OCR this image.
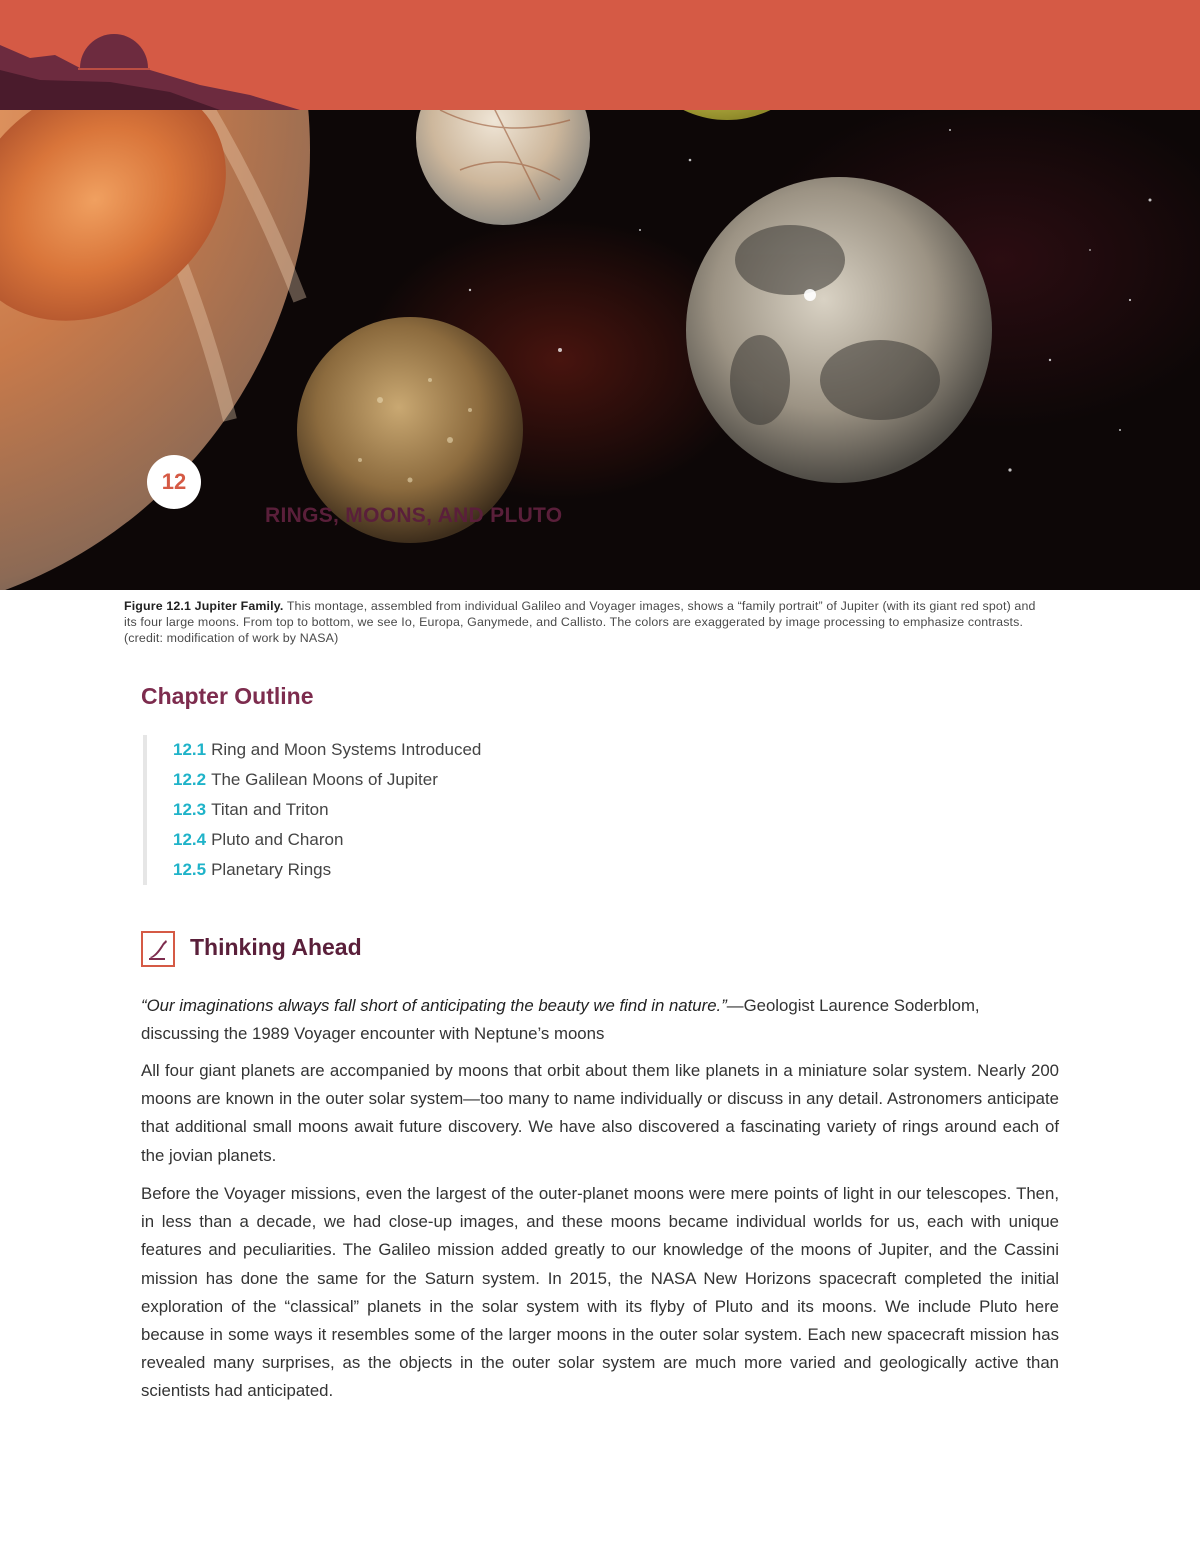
12
RINGS, MOONS, AND PLUTO
Figure 12.1 Jupiter Family. This montage, assembled from individual Galileo and Voyager images, shows a “family portrait” of Jupiter (with its giant red spot) and its four large moons. From top to bottom, we see Io, Europa, Ganymede, and Callisto. The colors are exaggerated by image processing to emphasize contrasts. (credit: modification of work by NASA)
Chapter Outline
12.1 Ring and Moon Systems Introduced
12.2 The Galilean Moons of Jupiter
12.3 Titan and Triton
12.4 Pluto and Charon
12.5 Planetary Rings
Thinking Ahead

“Our imaginations always fall short of anticipating the beauty we find in nature.”—Geologist Laurence Soderblom, discussing the 1989 Voyager encounter with Neptune’s moons

All four giant planets are accompanied by moons that orbit about them like planets in a miniature solar system. Nearly 200 moons are known in the outer solar system—too many to name individually or discuss in any detail. Astronomers anticipate that additional small moons await future discovery. We have also discovered a fascinating variety of rings around each of the jovian planets.

Before the Voyager missions, even the largest of the outer-planet moons were mere points of light in our telescopes. Then, in less than a decade, we had close-up images, and these moons became individual worlds for us, each with unique features and peculiarities. The Galileo mission added greatly to our knowledge of the moons of Jupiter, and the Cassini mission has done the same for the Saturn system. In 2015, the NASA New Horizons spacecraft completed the initial exploration of the “classical” planets in the solar system with its flyby of Pluto and its moons. We include Pluto here because in some ways it resembles some of the larger moons in the outer solar system. Each new spacecraft mission has revealed many surprises, as the objects in the outer solar system are much more varied and geologically active than scientists had anticipated.
